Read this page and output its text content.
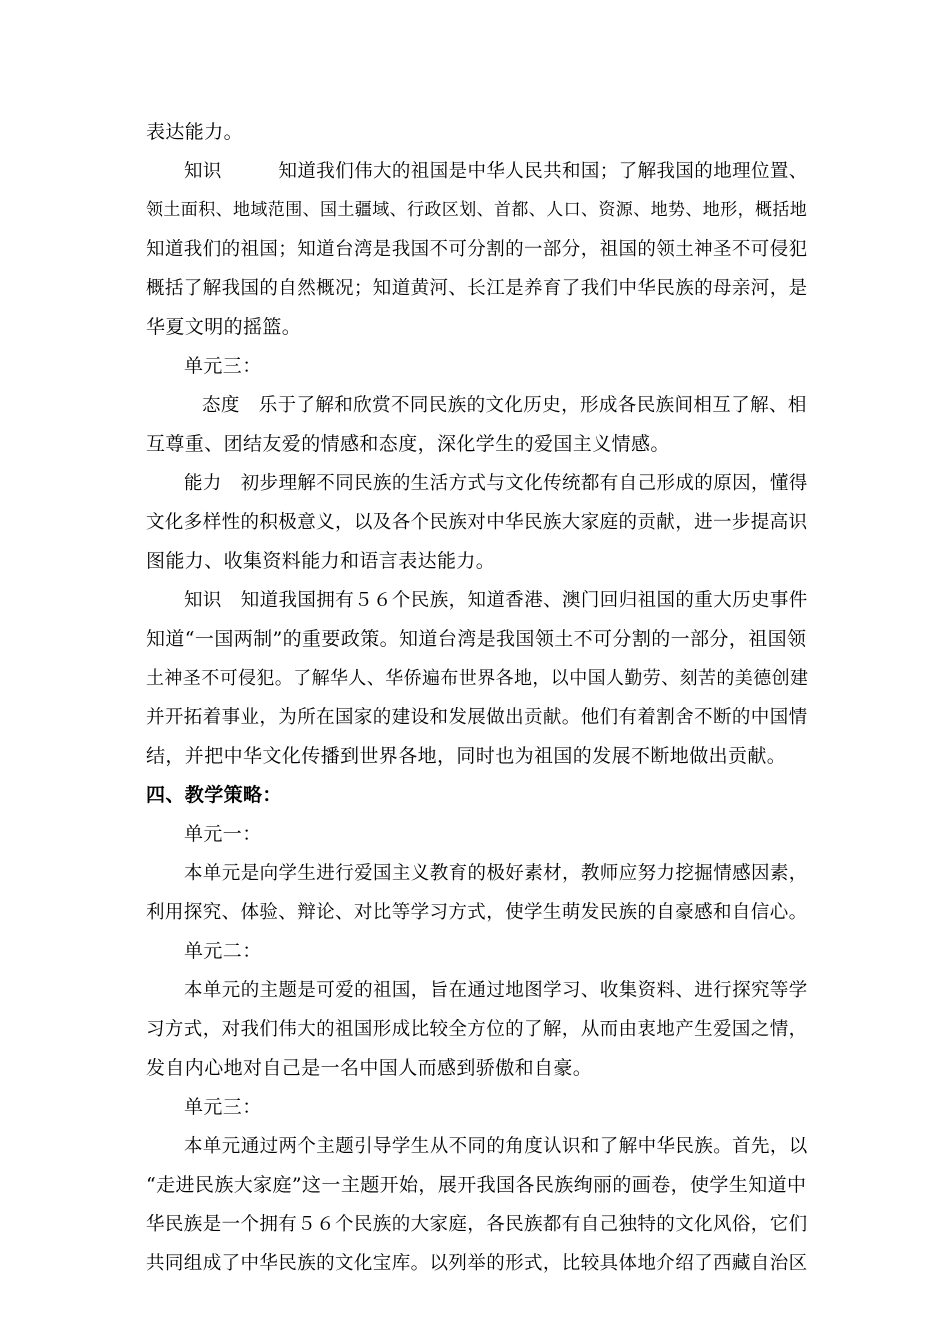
表达能力。
知识　　　知道我们伟大的祖国是中华人民共和国；了解我国的地理位置、
领土面积、地域范围、国土疆域、行政区划、首都、人口、资源、地势、地形，概括地
知道我们的祖国；知道台湾是我国不可分割的一部分，祖国的领土神圣不可侵犯
概括了解我国的自然概况；知道黄河、长江是养育了我们中华民族的母亲河，是
华夏文明的摇篮。
单元三：
态度　乐于了解和欣赏不同民族的文化历史，形成各民族间相互了解、相
互尊重、团结友爱的情感和态度，深化学生的爱国主义情感。
能力　初步理解不同民族的生活方式与文化传统都有自己形成的原因，懂得
文化多样性的积极意义，以及各个民族对中华民族大家庭的贡献，进一步提高识
图能力、收集资料能力和语言表达能力。
知识　知道我国拥有５６个民族，知道香港、澳门回归祖国的重大历史事件
知道“一国两制”的重要政策。知道台湾是我国领土不可分割的一部分，祖国领
土神圣不可侵犯。了解华人、华侨遍布世界各地，以中国人勤劳、刻苦的美德创建
并开拓着事业，为所在国家的建设和发展做出贡献。他们有着割舍不断的中国情
结，并把中华文化传播到世界各地，同时也为祖国的发展不断地做出贡献。
四、教学策略：
单元一：
本单元是向学生进行爱国主义教育的极好素材，教师应努力挖掘情感因素，
利用探究、体验、辩论、对比等学习方式，使学生萌发民族的自豪感和自信心。
单元二：
本单元的主题是可爱的祖国，旨在通过地图学习、收集资料、进行探究等学
习方式，对我们伟大的祖国形成比较全方位的了解，从而由衷地产生爱国之情，
发自内心地对自己是一名中国人而感到骄傲和自豪。
单元三：
本单元通过两个主题引导学生从不同的角度认识和了解中华民族。首先，以
“走进民族大家庭”这一主题开始，展开我国各民族绚丽的画卷，使学生知道中
华民族是一个拥有５６个民族的大家庭，各民族都有自己独特的文化风俗，它们
共同组成了中华民族的文化宝库。以列举的形式，比较具体地介绍了西藏自治区
